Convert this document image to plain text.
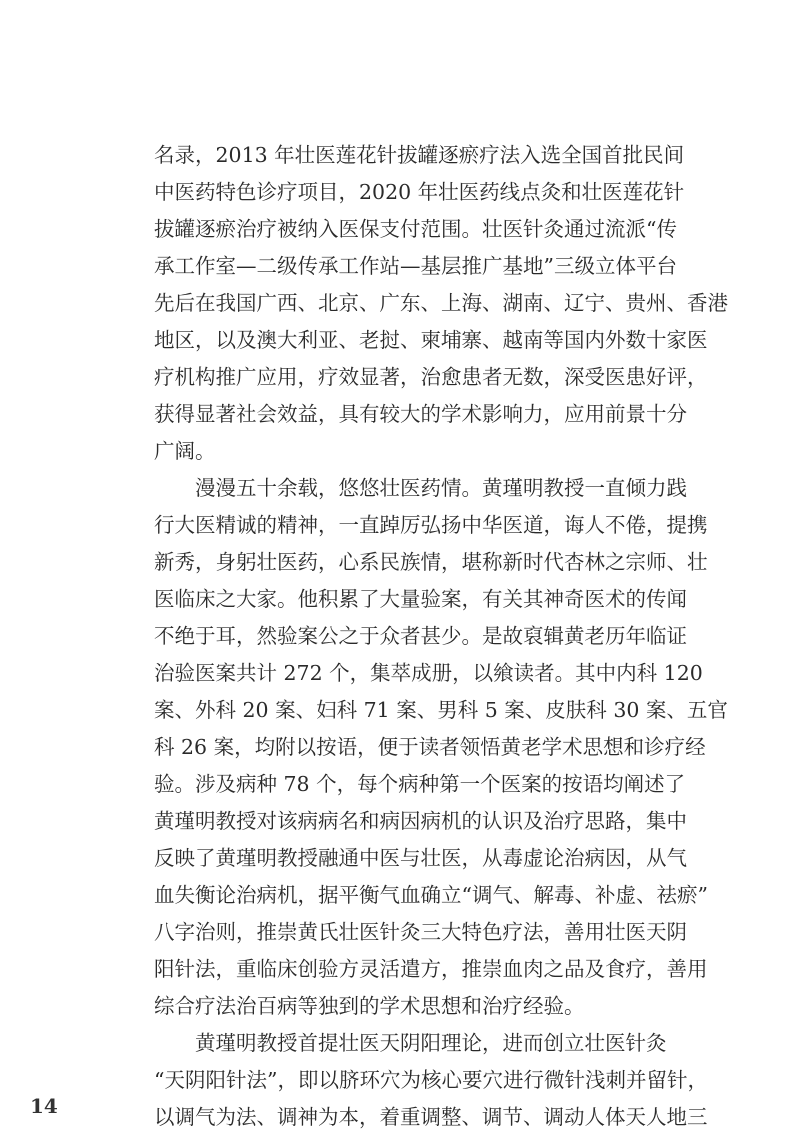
名录，2013 年壮医莲花针拔罐逐瘀疗法入选全国首批民间
中医药特色诊疗项目，2020 年壮医药线点灸和壮医莲花针
拔罐逐瘀治疗被纳入医保支付范围。壮医针灸通过流派“传
承工作室—二级传承工作站—基层推广基地”三级立体平台
先后在我国广西、北京、广东、上海、湖南、辽宁、贵州、香港
地区，以及澳大利亚、老挝、柬埔寨、越南等国内外数十家医
疗机构推广应用，疗效显著，治愈患者无数，深受医患好评，
获得显著社会效益，具有较大的学术影响力，应用前景十分
广阔。
　　漫漫五十余载，悠悠壮医药情。黄瑾明教授一直倾力践
行大医精诚的精神，一直踔厉弘扬中华医道，诲人不倦，提携
新秀，身躬壮医药，心系民族情，堪称新时代杏林之宗师、壮
医临床之大家。他积累了大量验案，有关其神奇医术的传闻
不绝于耳，然验案公之于众者甚少。是故裒辑黄老历年临证
治验医案共计 272 个，集萃成册，以飨读者。其中内科 120
案、外科 20 案、妇科 71 案、男科 5 案、皮肤科 30 案、五官
科 26 案，均附以按语，便于读者领悟黄老学术思想和诊疗经
验。涉及病种 78 个，每个病种第一个医案的按语均阐述了
黄瑾明教授对该病病名和病因病机的认识及治疗思路，集中
反映了黄瑾明教授融通中医与壮医，从毒虚论治病因，从气
血失衡论治病机，据平衡气血确立“调气、解毒、补虚、祛瘀”
八字治则，推崇黄氏壮医针灸三大特色疗法，善用壮医天阴
阳针法，重临床创验方灵活遣方，推崇血肉之品及食疗，善用
综合疗法治百病等独到的学术思想和治疗经验。
　　黄瑾明教授首提壮医天阴阳理论，进而创立壮医针灸
“天阴阳针法”，即以脐环穴为核心要穴进行微针浅刺并留针，
以调气为法、调神为本，着重调整、调节、调动人体天人地三
14
